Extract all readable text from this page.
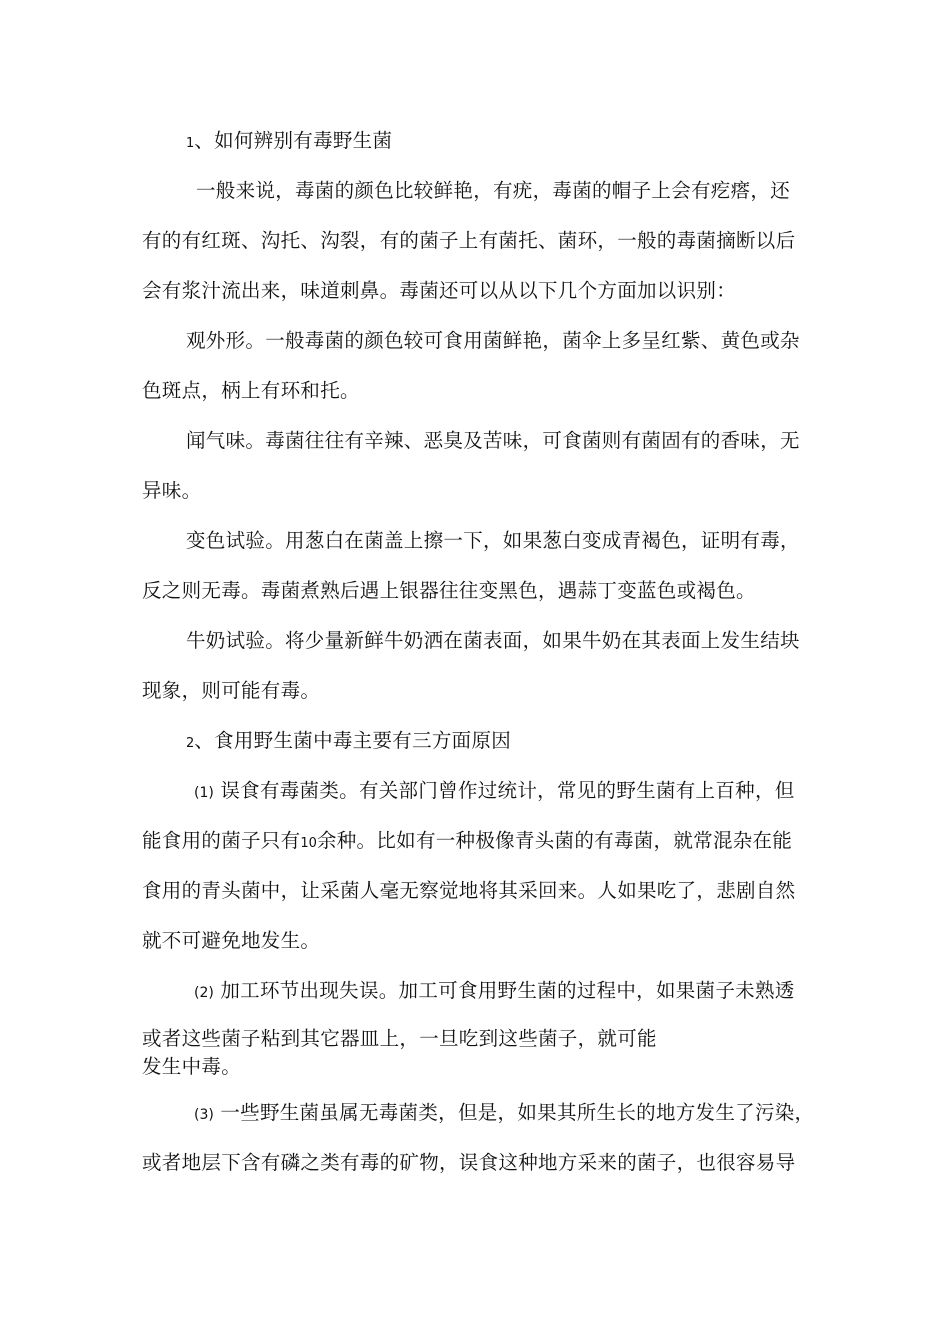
1、如何辨别有毒野生菌
一般来说，毒菌的颜色比较鲜艳，有疣，毒菌的帽子上会有疙瘩，还
有的有红斑、沟托、沟裂，有的菌子上有菌托、菌环，一般的毒菌摘断以后
会有浆汁流出来，味道刺鼻。毒菌还可以从以下几个方面加以识别：
观外形。一般毒菌的颜色较可食用菌鲜艳，菌伞上多呈红紫、黄色或杂
色斑点，柄上有环和托。
闻气味。毒菌往往有辛辣、恶臭及苦味，可食菌则有菌固有的香味，无
异味。
变色试验。用葱白在菌盖上擦一下，如果葱白变成青褐色，证明有毒，
反之则无毒。毒菌煮熟后遇上银器往往变黑色，遇蒜丁变蓝色或褐色。
牛奶试验。将少量新鲜牛奶洒在菌表面，如果牛奶在其表面上发生结块
现象，则可能有毒。
2、食用野生菌中毒主要有三方面原因
(1) 误食有毒菌类。有关部门曾作过统计，常见的野生菌有上百种，但
能食用的菌子只有10余种。比如有一种极像青头菌的有毒菌，就常混杂在能
食用的青头菌中，让采菌人毫无察觉地将其采回来。人如果吃了，悲剧自然
就不可避免地发生。
(2) 加工环节出现失误。加工可食用野生菌的过程中，如果菌子未熟透
或者这些菌子粘到其它器皿上，一旦吃到这些菌子，就可能
发生中毒。
(3) 一些野生菌虽属无毒菌类，但是，如果其所生长的地方发生了污染，
或者地层下含有磷之类有毒的矿物，误食这种地方采来的菌子，也很容易导
